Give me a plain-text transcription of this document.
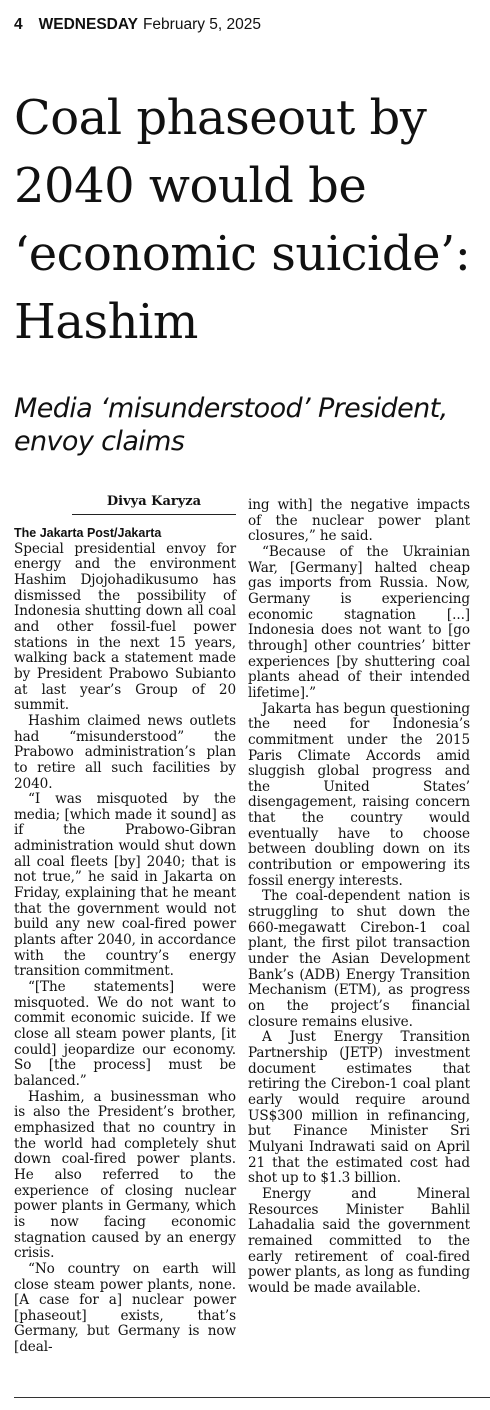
4 WEDNESDAY February 5, 2025
Coal phaseout by 2040 would be ‘economic suicide’: Hashim
Media ‘misunderstood’ President, envoy claims
Divya Karyza
The Jakarta Post/Jakarta

Special presidential envoy for energy and the environment Hashim Djojohadikusumo has dismissed the possibility of Indonesia shutting down all coal and other fossil-fuel power stations in the next 15 years, walking back a statement made by President Prabowo Subianto at last year’s Group of 20 summit.

Hashim claimed news outlets had “misunderstood” the Prabowo administration’s plan to retire all such facilities by 2040.

“I was misquoted by the media; [which made it sound] as if the Prabowo-Gibran administration would shut down all coal fleets [by] 2040; that is not true,” he said in Jakarta on Friday, explaining that he meant that the government would not build any new coal-fired power plants after 2040, in accordance with the country’s energy transition commitment.

“[The statements] were misquoted. We do not want to commit economic suicide. If we close all steam power plants, [it could] jeopardize our economy. So [the process] must be balanced.”

Hashim, a businessman who is also the President’s brother, emphasized that no country in the world had completely shut down coal-fired power plants. He also referred to the experience of closing nuclear power plants in Germany, which is now facing economic stagnation caused by an energy crisis.

“No country on earth will close steam power plants, none. [A case for a] nuclear power [phaseout] exists, that’s Germany, but Germany is now [deal-

ing with] the negative impacts of the nuclear power plant closures,” he said.

“Because of the Ukrainian War, [Germany] halted cheap gas imports from Russia. Now, Germany is experiencing economic stagnation [...] Indonesia does not want to [go through] other countries’ bitter experiences [by shuttering coal plants ahead of their intended lifetime].”

Jakarta has begun questioning the need for Indonesia’s commitment under the 2015 Paris Climate Accords amid sluggish global progress and the United States’ disengagement, raising concern that the country would eventually have to choose between doubling down on its contribution or empowering its fossil energy interests.

The coal-dependent nation is struggling to shut down the 660-megawatt Cirebon-1 coal plant, the first pilot transaction under the Asian Development Bank’s (ADB) Energy Transition Mechanism (ETM), as progress on the project’s financial closure remains elusive.

A Just Energy Transition Partnership (JETP) investment document estimates that retiring the Cirebon-1 coal plant early would require around US$300 million in refinancing, but Finance Minister Sri Mulyani Indrawati said on April 21 that the estimated cost had shot up to $1.3 billion.

Energy and Mineral Resources Minister Bahlil Lahadalia said the government remained committed to the early retirement of coal-fired power plants, as long as funding would be made available.
